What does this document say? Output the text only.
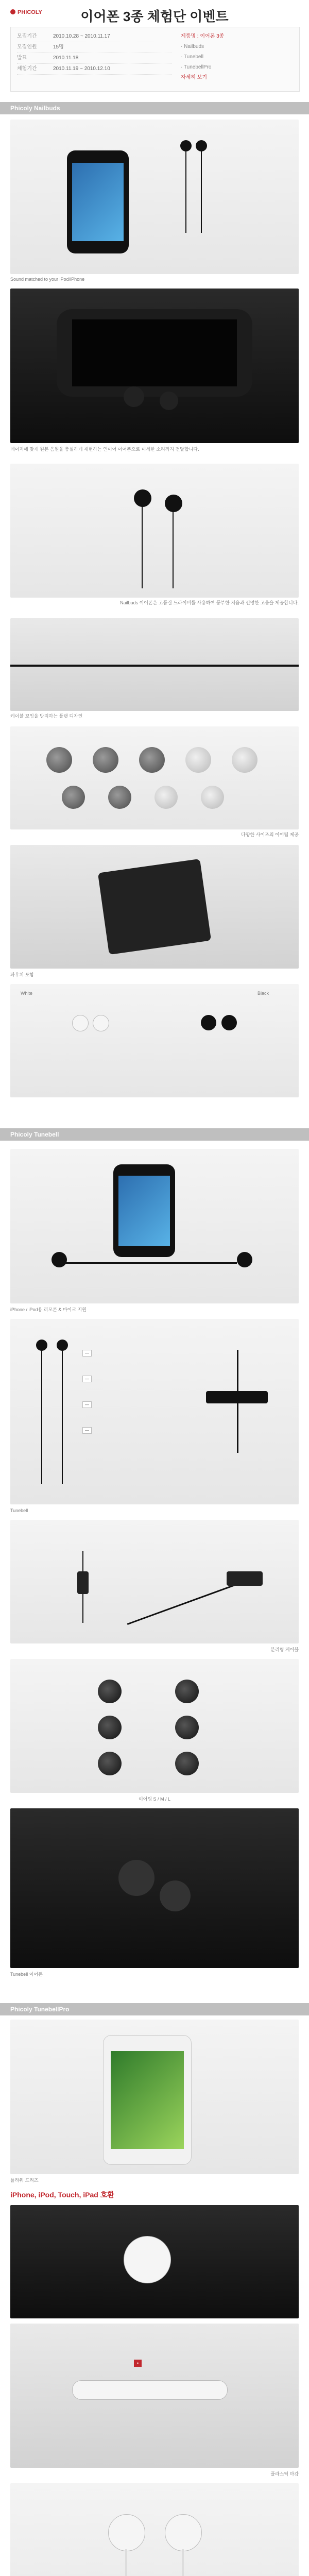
PHICOLY	이어폰 3종 체험단 이벤트
모집기간	2010.10.28 ~ 2010.11.17
모집인원	15명
발표	2010.11.18
체험기간	2010.11.19 ~ 2010.12.10
제품명 : 이어폰 3종
· Nailbuds
· Tunebell
· TunebellPro
자세히 보기
Phicoly Nailbuds
Sound matched to your iPod/iPhone
테이지에 맞게 원본 음원을 충실하게 재현하는 인이어 이어폰으로 미세한 소리까지 전달합니다.
Nailbuds 이어폰은 고품질 드라이버를 사용하여 풍부한 저음과 선명한 고음을 제공합니다.
케이블 꼬임을 방지하는 플랫 디자인
다양한 사이즈의 이어팁 제공
파우치 포함
White	Black
Phicoly Tunebell
iPhone / iPod용 리모콘 & 마이크 지원
—
—
—
—
Tunebell
분리형 케이블
이어팁 S / M / L
Tunebell 이어폰
Phicoly TunebellPro
플라워 드리즈
iPhone, iPod, Touch, iPad 호환
•
플라스틱 마감
